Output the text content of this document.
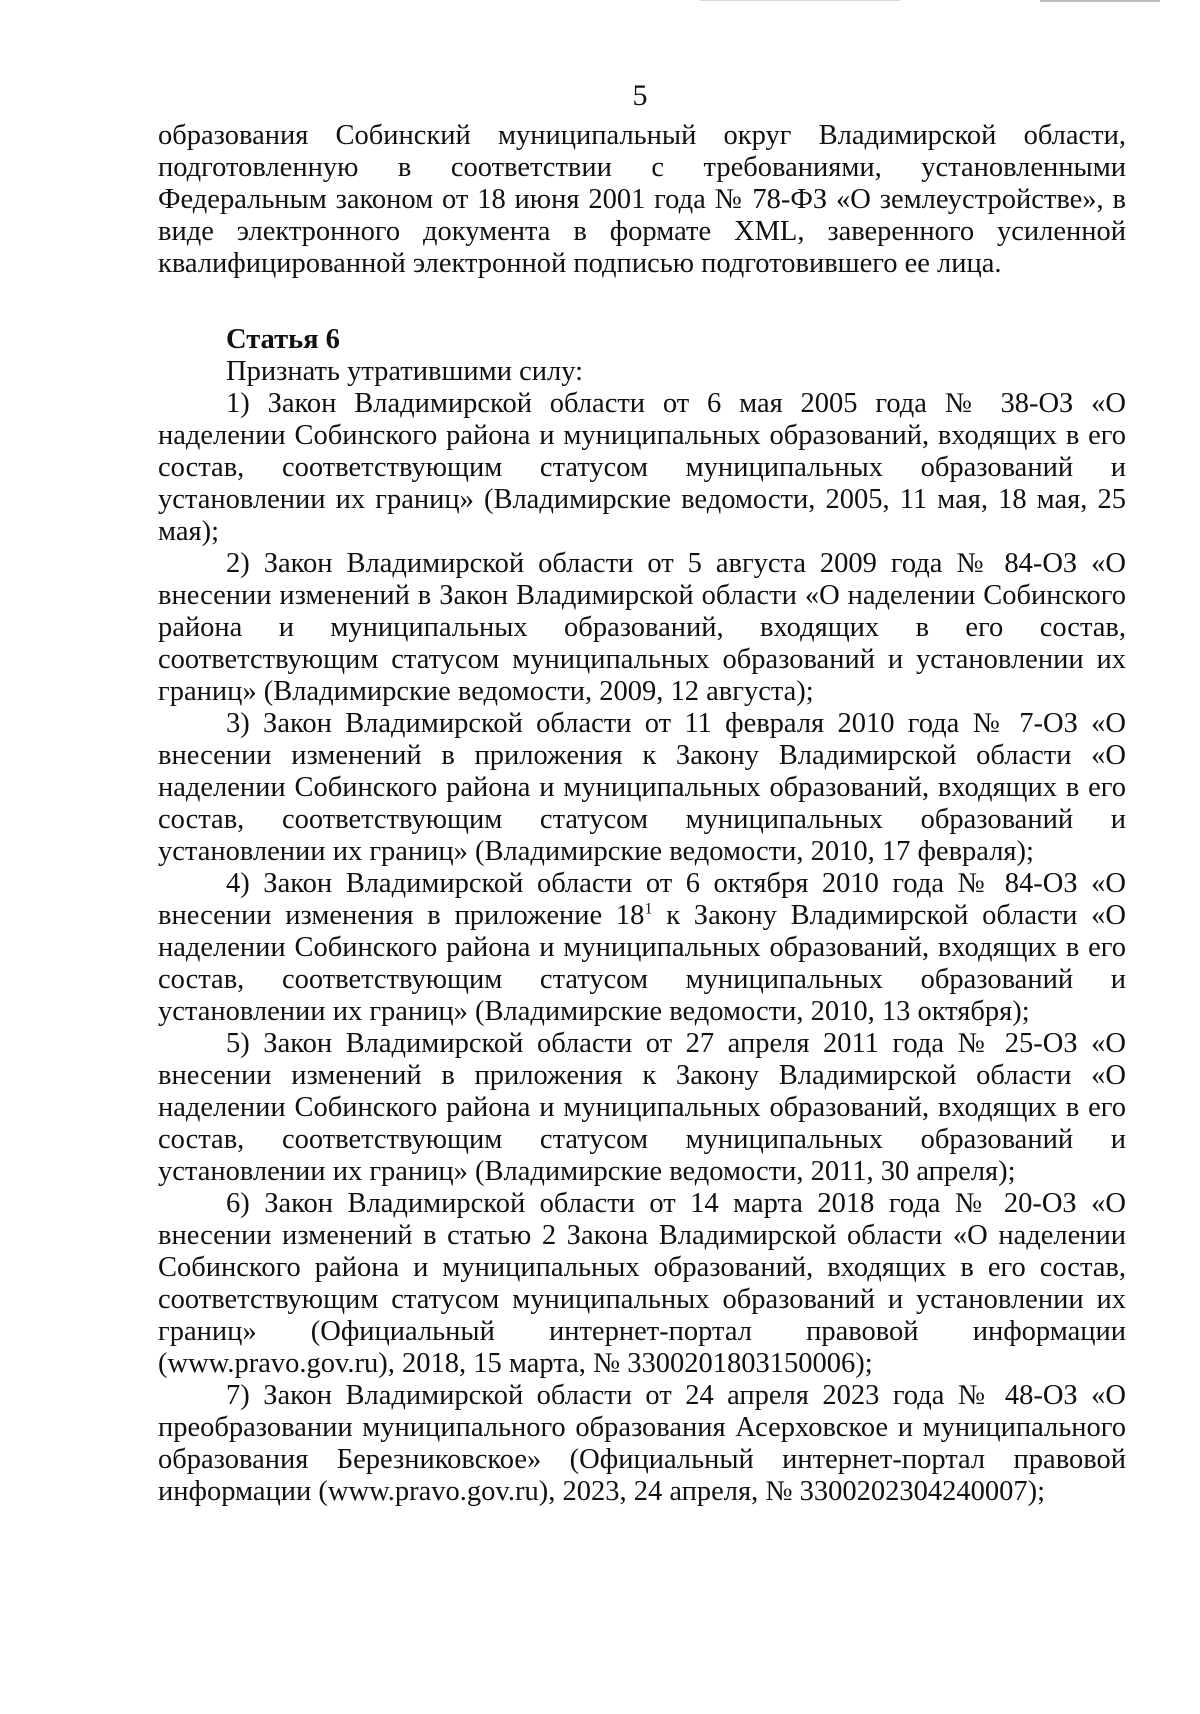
5

образования Собинский муниципальный округ Владимирской области, подготовленную в соответствии с требованиями, установленными Федеральным законом от 18 июня 2001 года № 78-ФЗ «О землеустройстве», в виде электронного документа в формате XML, заверенного усиленной квалифицированной электронной подписью подготовившего ее лица.

Статья 6

Признать утратившими силу:

1) Закон Владимирской области от 6 мая 2005 года № 38-ОЗ «О наделении Собинского района и муниципальных образований, входящих в его состав, соответствующим статусом муниципальных образований и установлении их границ» (Владимирские ведомости, 2005, 11 мая, 18 мая, 25 мая);

2) Закон Владимирской области от 5 августа 2009 года № 84-ОЗ «О внесении изменений в Закон Владимирской области «О наделении Собинского района и муниципальных образований, входящих в его состав, соответствующим статусом муниципальных образований и установлении их границ» (Владимирские ведомости, 2009, 12 августа);

3) Закон Владимирской области от 11 февраля 2010 года № 7-ОЗ «О внесении изменений в приложения к Закону Владимирской области «О наделении Собинского района и муниципальных образований, входящих в его состав, соответствующим статусом муниципальных образований и установлении их границ» (Владимирские ведомости, 2010, 17 февраля);

4) Закон Владимирской области от 6 октября 2010 года № 84-ОЗ «О внесении изменения в приложение $18^1$ к Закону Владимирской области «О наделении Собинского района и муниципальных образований, входящих в его состав, соответствующим статусом муниципальных образований и установлении их границ» (Владимирские ведомости, 2010, 13 октября);

5) Закон Владимирской области от 27 апреля 2011 года № 25-ОЗ «О внесении изменений в приложения к Закону Владимирской области «О наделении Собинского района и муниципальных образований, входящих в его состав, соответствующим статусом муниципальных образований и установлении их границ» (Владимирские ведомости, 2011, 30 апреля);

6) Закон Владимирской области от 14 марта 2018 года № 20-ОЗ «О внесении изменений в статью 2 Закона Владимирской области «О наделении Собинского района и муниципальных образований, входящих в его состав, соответствующим статусом муниципальных образований и установлении их границ» (Официальный интернет-портал правовой информации (www.pravo.gov.ru), 2018, 15 марта, № 3300201803150006);

7) Закон Владимирской области от 24 апреля 2023 года № 48-ОЗ «О преобразовании муниципального образования Асерховское и муниципального образования Березниковское» (Официальный интернет-портал правовой информации (www.pravo.gov.ru), 2023, 24 апреля, № 3300202304240007);
